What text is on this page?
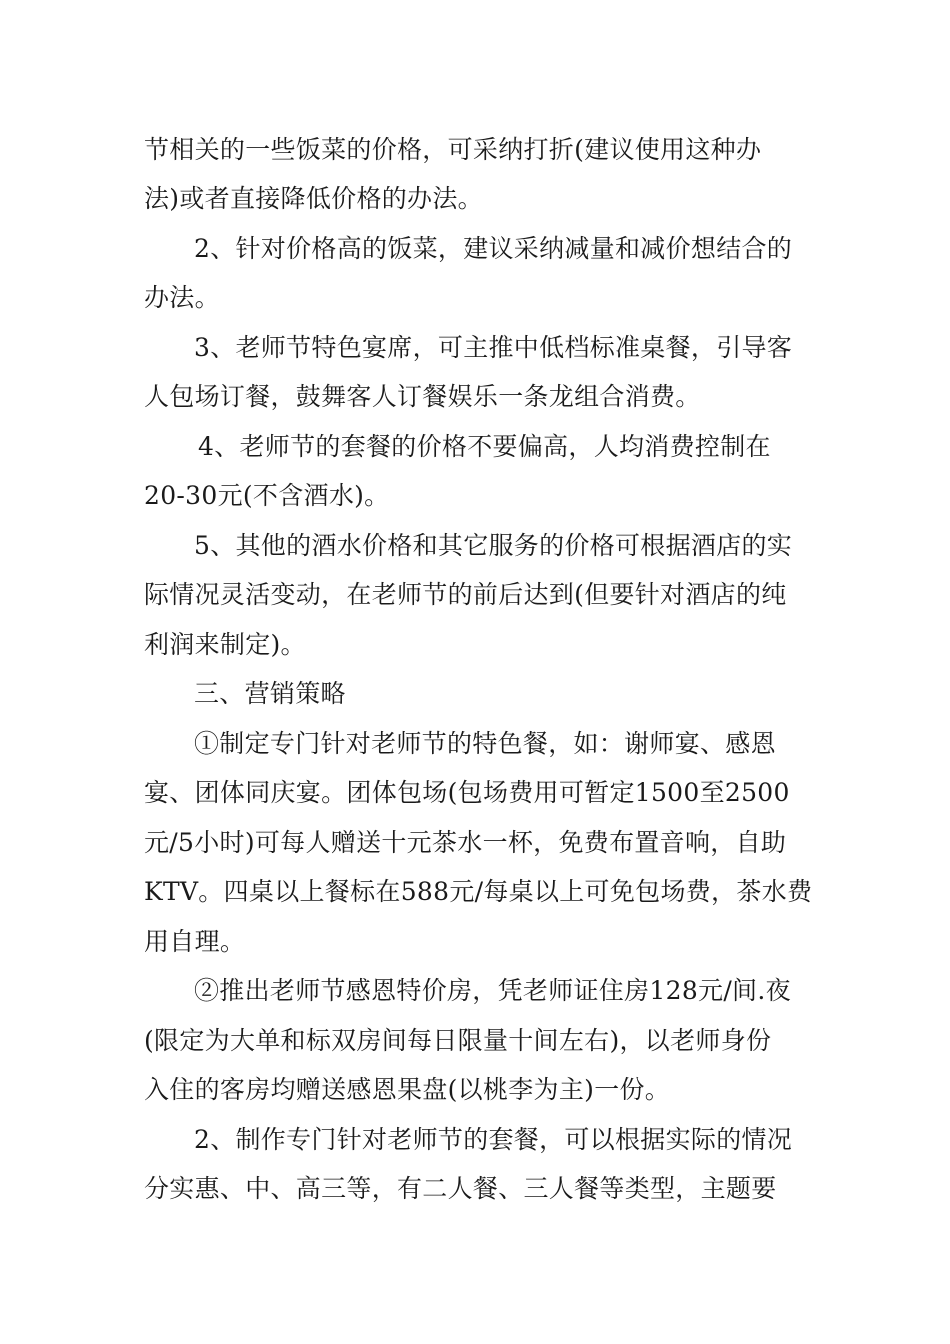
节相关的一些饭菜的价格，可采纳打折(建议使用这种办
法)或者直接降低价格的办法。
2、针对价格高的饭菜，建议采纳减量和减价想结合的
办法。
3、老师节特色宴席，可主推中低档标准桌餐，引导客
人包场订餐，鼓舞客人订餐娱乐一条龙组合消费。
4、老师节的套餐的价格不要偏高，人均消费控制在
20-30元(不含酒水)。
5、其他的酒水价格和其它服务的价格可根据酒店的实
际情况灵活变动，在老师节的前后达到(但要针对酒店的纯
利润来制定)。
三、营销策略
①制定专门针对老师节的特色餐，如：谢师宴、感恩
宴、团体同庆宴。团体包场(包场费用可暂定1500至2500
元/5小时)可每人赠送十元茶水一杯，免费布置音响，自助
KTV。四桌以上餐标在588元/每桌以上可免包场费，茶水费
用自理。
②推出老师节感恩特价房，凭老师证住房128元/间.夜
(限定为大单和标双房间每日限量十间左右)，以老师身份
入住的客房均赠送感恩果盘(以桃李为主)一份。
2、制作专门针对老师节的套餐，可以根据实际的情况
分实惠、中、高三等，有二人餐、三人餐等类型，主题要
